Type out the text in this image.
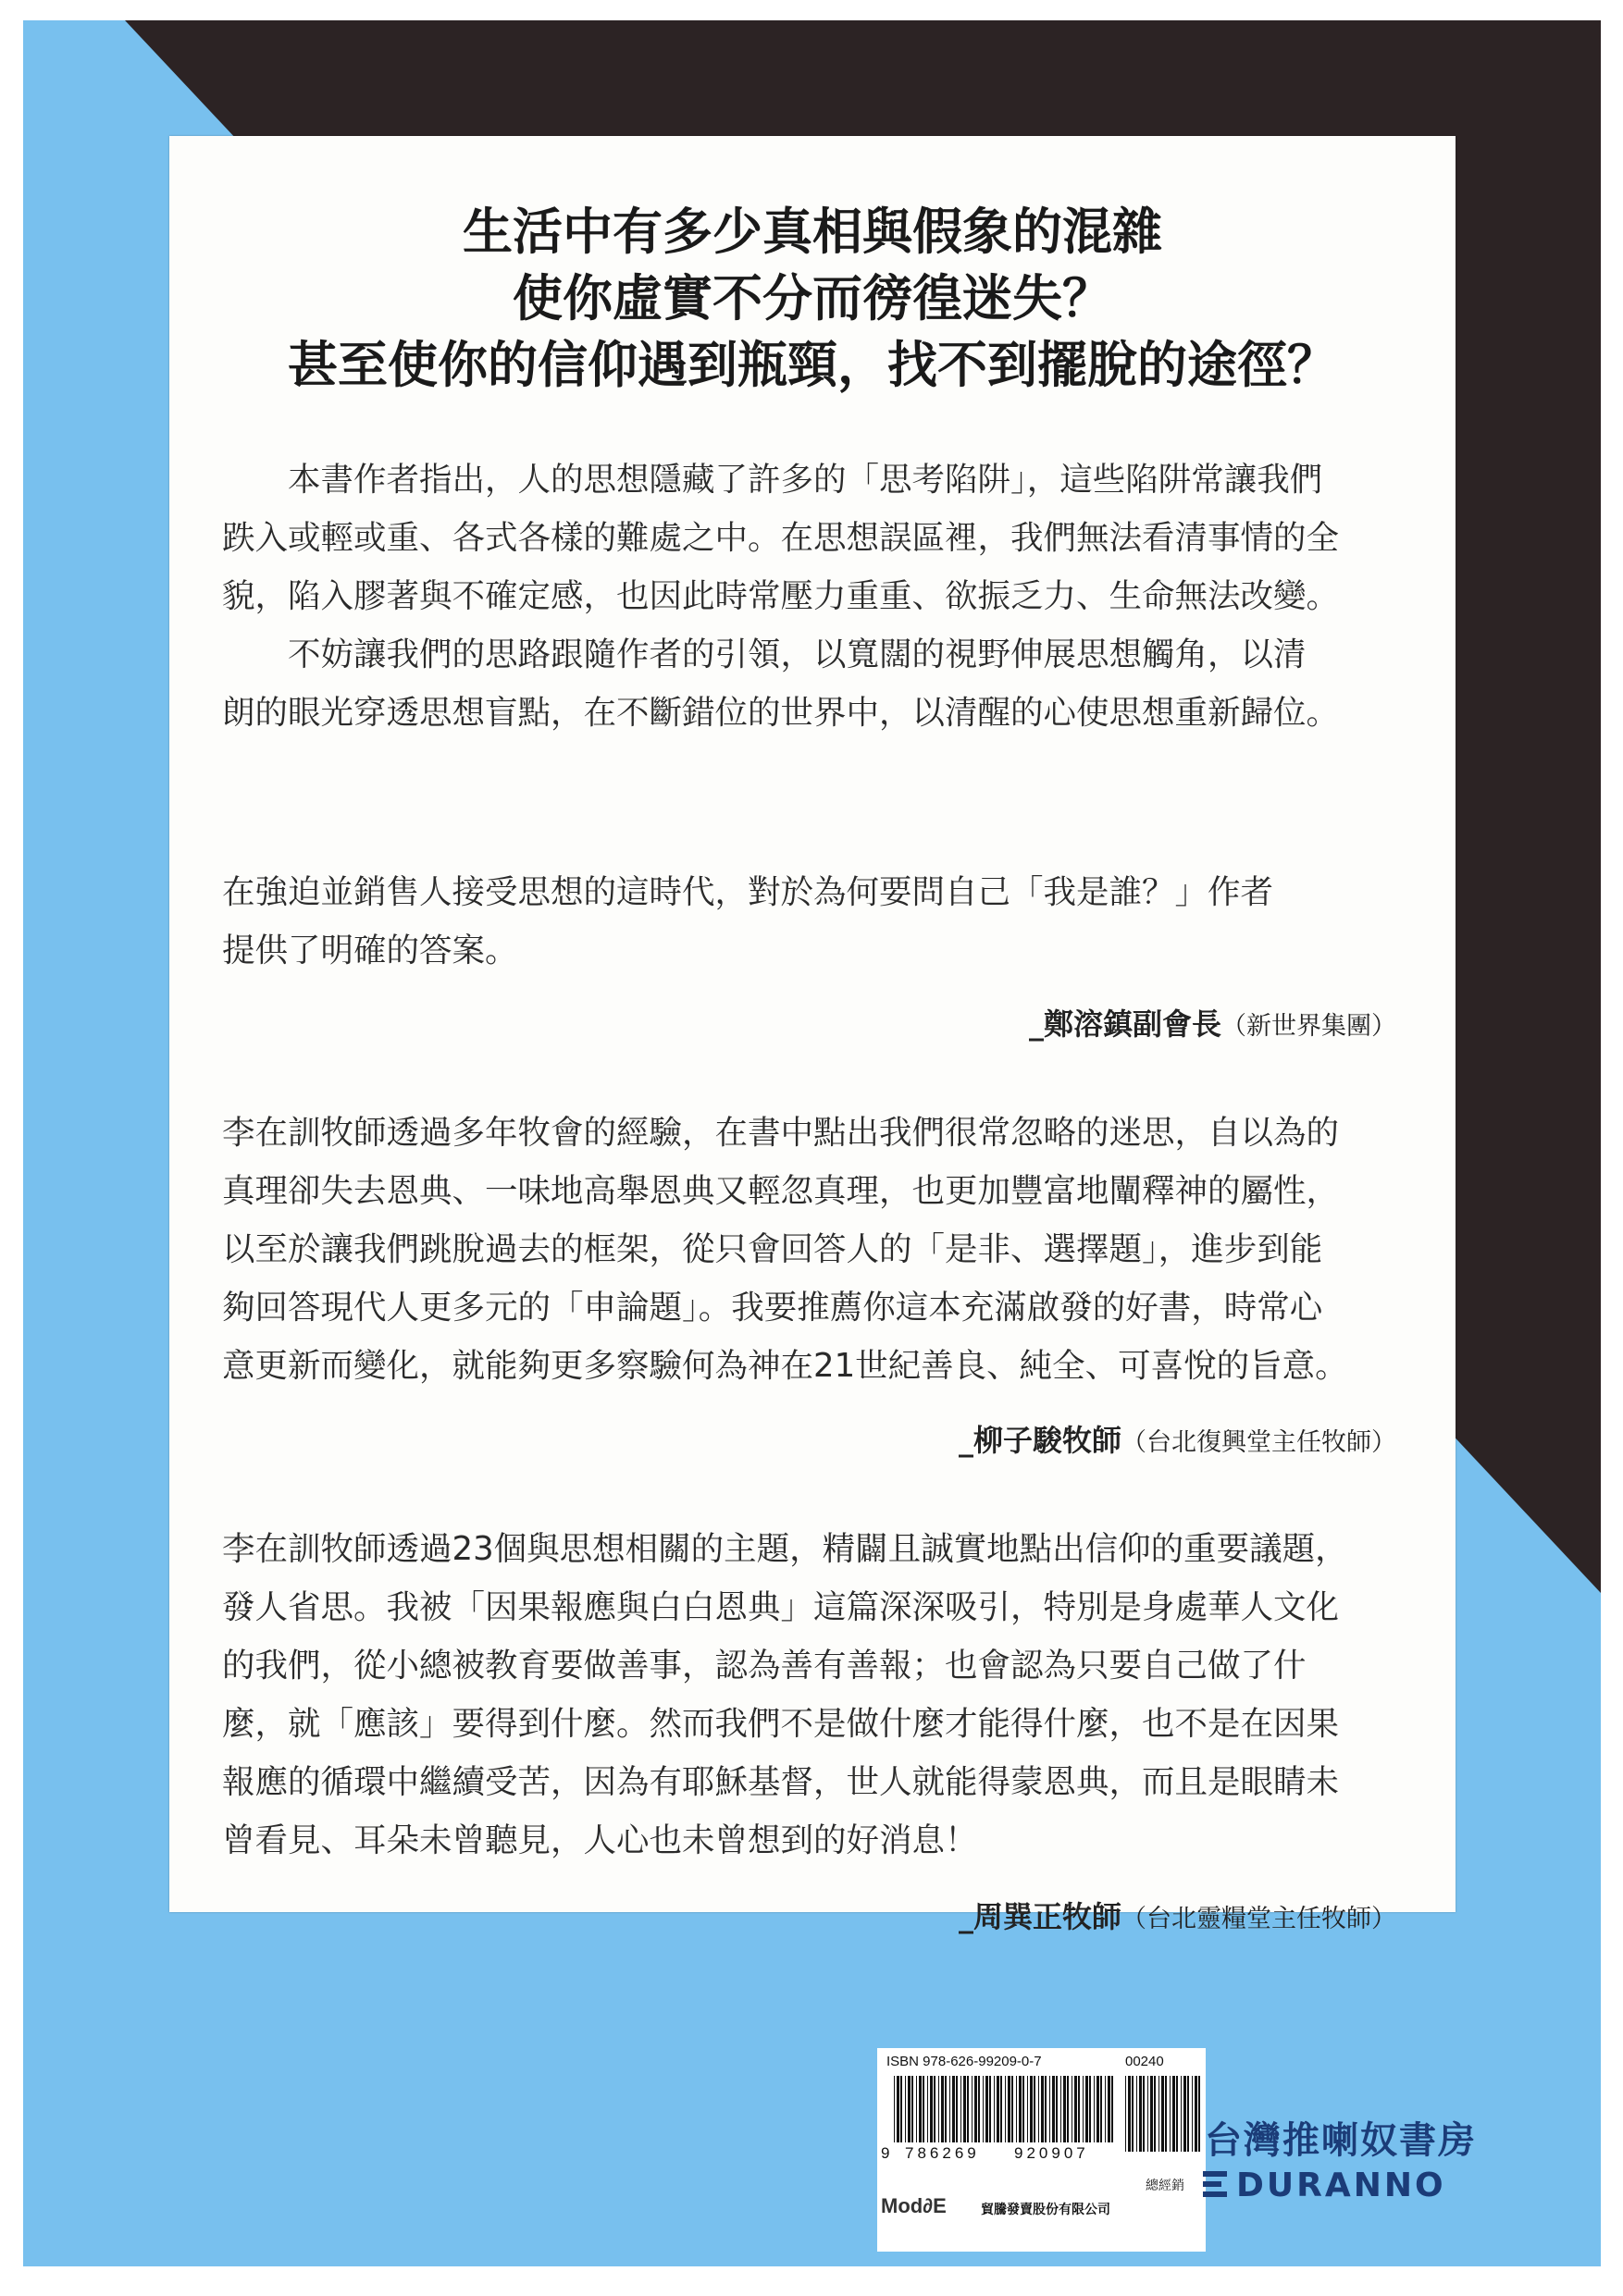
生活中有多少真相與假象的混雜
使你虛實不分而徬徨迷失？
甚至使你的信仰遇到瓶頸，找不到擺脫的途徑？
　　本書作者指出，人的思想隱藏了許多的「思考陷阱」，這些陷阱常讓我們
跌入或輕或重、各式各樣的難處之中。在思想誤區裡，我們無法看清事情的全
貌，陷入膠著與不確定感，也因此時常壓力重重、欲振乏力、生命無法改變。
　　不妨讓我們的思路跟隨作者的引領，以寬闊的視野伸展思想觸角，以清
朗的眼光穿透思想盲點，在不斷錯位的世界中，以清醒的心使思想重新歸位。
在強迫並銷售人接受思想的這時代，對於為何要問自己「我是誰？」作者
提供了明確的答案。
_鄭溶鎮副會長（新世界集團）
李在訓牧師透過多年牧會的經驗，在書中點出我們很常忽略的迷思，自以為的
真理卻失去恩典、一味地高舉恩典又輕忽真理，也更加豐富地闡釋神的屬性，
以至於讓我們跳脫過去的框架，從只會回答人的「是非、選擇題」，進步到能
夠回答現代人更多元的「申論題」。我要推薦你這本充滿啟發的好書，時常心
意更新而變化，就能夠更多察驗何為神在21世紀善良、純全、可喜悅的旨意。
_柳子駿牧師（台北復興堂主任牧師）
李在訓牧師透過23個與思想相關的主題，精闢且誠實地點出信仰的重要議題，
發人省思。我被「因果報應與白白恩典」這篇深深吸引，特別是身處華人文化
的我們，從小總被教育要做善事，認為善有善報；也會認為只要自己做了什
麼，就「應該」要得到什麼。然而我們不是做什麼才能得什麼，也不是在因果
報應的循環中繼續受苦，因為有耶穌基督，世人就能得蒙恩典，而且是眼睛未
曾看見、耳朵未曾聽見，人心也未曾想到的好消息！
_周巽正牧師（台北靈糧堂主任牧師）
ISBN 978-626-99209-0-7	00240
9 786269 920907
總經銷
Mod∂E	貿騰發賣股份有限公司
台灣推喇奴書房
DURANNO
